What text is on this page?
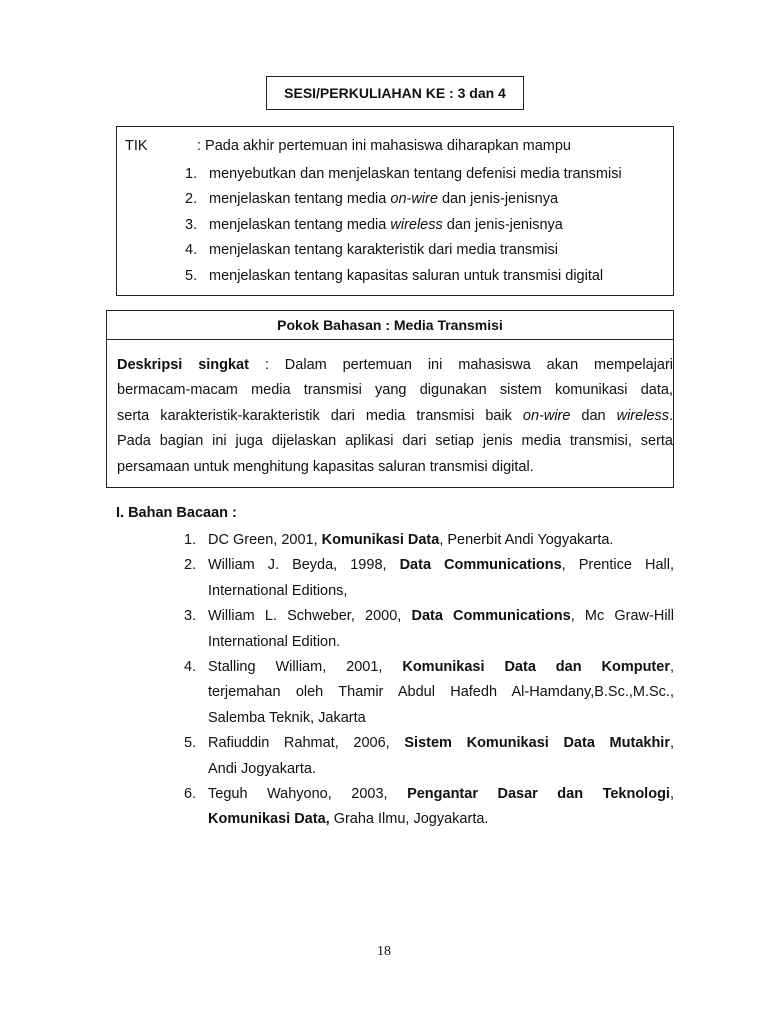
SESI/PERKULIAHAN KE : 3 dan 4
TIK	: Pada akhir pertemuan ini mahasiswa diharapkan mampu
1. menyebutkan dan menjelaskan tentang defenisi media transmisi
2. menjelaskan tentang media on-wire dan jenis-jenisnya
3. menjelaskan tentang media wireless dan jenis-jenisnya
4. menjelaskan tentang karakteristik dari media transmisi
5. menjelaskan tentang kapasitas saluran untuk transmisi digital
Pokok Bahasan : Media Transmisi
Deskripsi singkat : Dalam pertemuan ini mahasiswa akan mempelajari
bermacam-macam media transmisi yang digunakan sistem komunikasi data,
serta karakteristik-karakteristik dari media transmisi baik on-wire dan wireless.
Pada bagian ini juga dijelaskan aplikasi dari setiap jenis media transmisi, serta
persamaan untuk menghitung kapasitas saluran transmisi digital.
I. Bahan Bacaan :
1. DC Green, 2001, Komunikasi Data, Penerbit Andi Yogyakarta.
2. William J. Beyda, 1998, Data Communications, Prentice Hall,
International Editions,
3. William L. Schweber, 2000, Data Communications, Mc Graw-Hill
International Edition.
4. Stalling William, 2001, Komunikasi Data dan Komputer,
terjemahan oleh Thamir Abdul Hafedh Al-Hamdany,B.Sc.,M.Sc.,
Salemba Teknik, Jakarta
5. Rafiuddin Rahmat, 2006, Sistem Komunikasi Data Mutakhir,
Andi Jogyakarta.
6. Teguh Wahyono, 2003, Pengantar Dasar dan Teknologi,
Komunikasi Data, Graha Ilmu, Jogyakarta.
18
